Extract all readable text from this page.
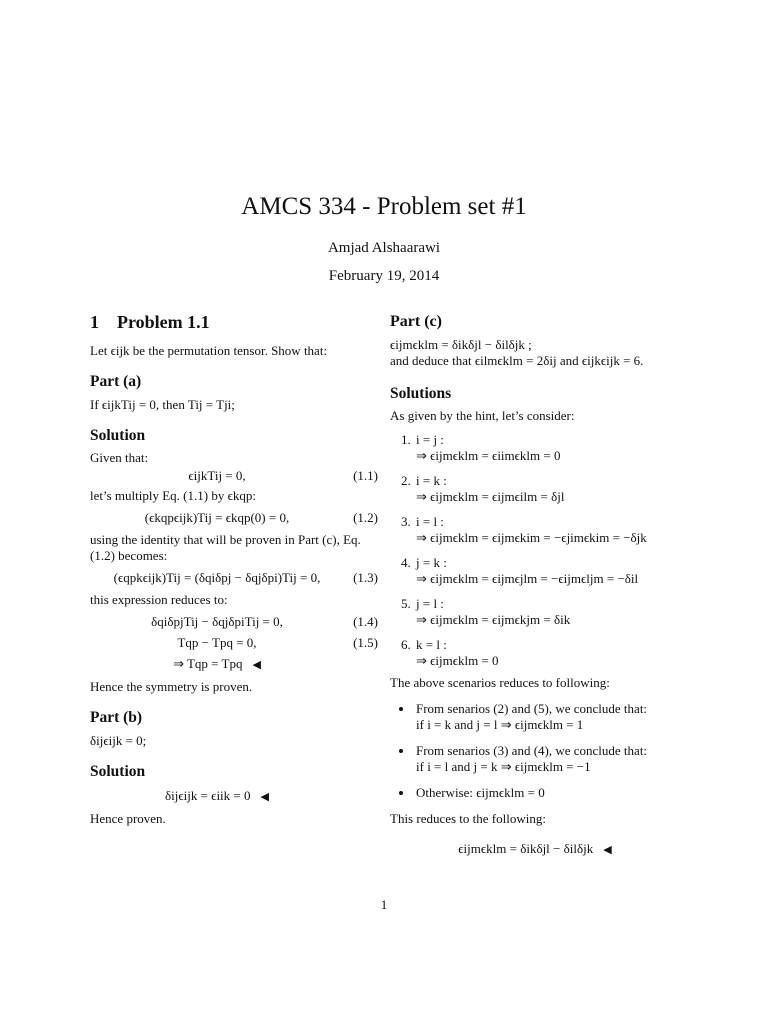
AMCS 334 - Problem set #1
Amjad Alshaarawi
February 19, 2014
1 Problem 1.1

Let ϵijk be the permutation tensor. Show that:

Part (a)

If ϵijkTij = 0, then Tij = Tji;

Solution

Given that:

ϵijkTij = 0,	(1.1)

let’s multiply Eq. (1.1) by ϵkqp:

(ϵkqpϵijk)Tij = ϵkqp(0) = 0,	(1.2)

using the identity that will be proven in Part (c), Eq. (1.2) becomes:

(ϵqpkϵijk)Tij = (δqiδpj − δqjδpi)Tij = 0,	(1.3)

this expression reduces to:

δqiδpjTij − δqjδpiTij = 0,	(1.4)
Tqp − Tpq = 0,	(1.5)
⇒ Tqp = Tpq ◀

Hence the symmetry is proven.

Part (b)

δijϵijk = 0;

Solution
δijϵijk = ϵiik = 0 ◀

Hence proven.

Part (c)

ϵijmϵklm = δikδjl − δilδjk ;

and deduce that ϵilmϵklm = 2δij and ϵijkϵijk = 6.

Solutions

As given by the hint, let’s consider:

1. i = j :
⇒ ϵijmϵklm = ϵiimϵklm = 0
2. i = k :
⇒ ϵijmϵklm = ϵijmϵilm = δjl
3. i = l :
⇒ ϵijmϵklm = ϵijmϵkim = −ϵjimϵkim = −δjk
4. j = k :
⇒ ϵijmϵklm = ϵijmϵjlm = −ϵijmϵljm = −δil
5. j = l :
⇒ ϵijmϵklm = ϵijmϵkjm = δik
6. k = l :
⇒ ϵijmϵklm = 0

The above scenarios reduces to following:

• From senarios (2) and (5), we conclude that:
if i = k and j = l ⇒ ϵijmϵklm = 1
• From senarios (3) and (4), we conclude that:
if i = l and j = k ⇒ ϵijmϵklm = −1
• Otherwise: ϵijmϵklm = 0

This reduces to the following:

ϵijmϵklm = δikδjl − δilδjk ◀
1
